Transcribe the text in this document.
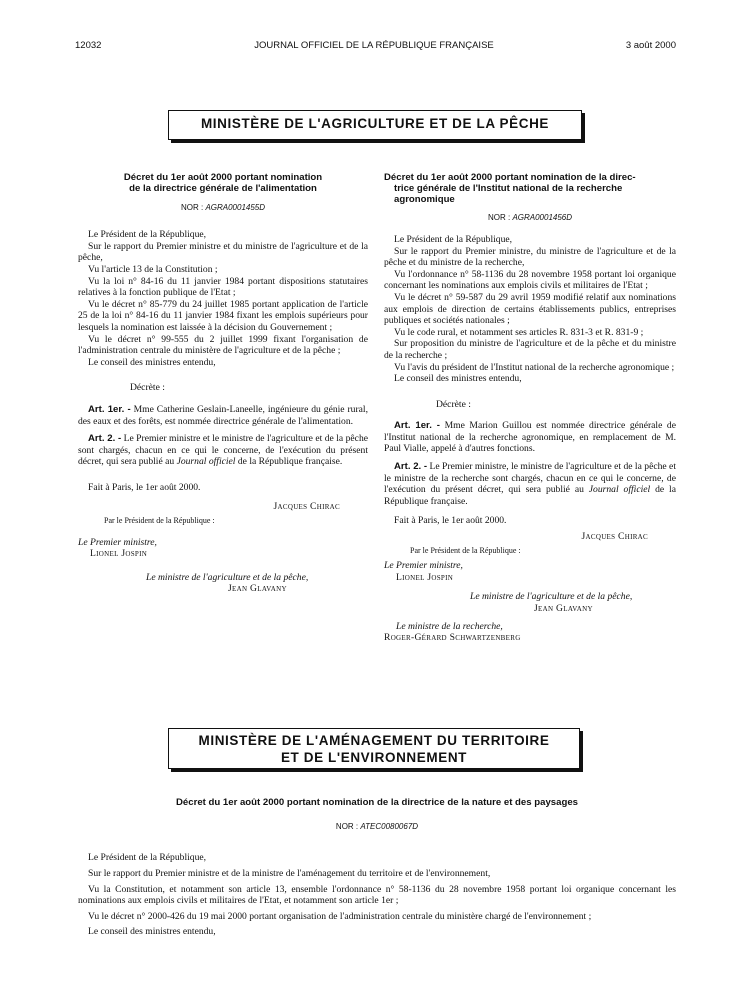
12032	JOURNAL OFFICIEL DE LA RÉPUBLIQUE FRANÇAISE	3 août 2000
MINISTÈRE DE L'AGRICULTURE ET DE LA PÊCHE
Décret du 1er août 2000 portant nomination
de la directrice générale de l'alimentation
NOR : AGRA0001455D

Le Président de la République,

Sur le rapport du Premier ministre et du ministre de l'agriculture et de la pêche,

Vu l'article 13 de la Constitution ;

Vu la loi n° 84-16 du 11 janvier 1984 portant dispositions statutaires relatives à la fonction publique de l'Etat ;

Vu le décret n° 85-779 du 24 juillet 1985 portant application de l'article 25 de la loi n° 84-16 du 11 janvier 1984 fixant les emplois supérieurs pour lesquels la nomination est laissée à la décision du Gouvernement ;

Vu le décret n° 99-555 du 2 juillet 1999 fixant l'organisation de l'administration centrale du ministère de l'agriculture et de la pêche ;

Le conseil des ministres entendu,

Décrète :

Art. 1er. - Mme Catherine Geslain-Laneelle, ingénieure du génie rural, des eaux et des forêts, est nommée directrice générale de l'alimentation.

Art. 2. - Le Premier ministre et le ministre de l'agriculture et de la pêche sont chargés, chacun en ce qui le concerne, de l'exécution du présent décret, qui sera publié au Journal officiel de la République française.

Fait à Paris, le 1er août 2000.

Jacques Chirac
Par le Président de la République :
Le Premier ministre,
Lionel Jospin
Le ministre de l'agriculture et de la pêche,
Jean Glavany
Décret du 1er août 2000 portant nomination de la direc-
trice générale de l'Institut national de la recherche
agronomique
NOR : AGRA0001456D

Le Président de la République,

Sur le rapport du Premier ministre, du ministre de l'agriculture et de la pêche et du ministre de la recherche,

Vu l'ordonnance n° 58-1136 du 28 novembre 1958 portant loi organique concernant les nominations aux emplois civils et militaires de l'Etat ;

Vu le décret n° 59-587 du 29 avril 1959 modifié relatif aux nominations aux emplois de direction de certains établissements publics, entreprises publiques et sociétés nationales ;

Vu le code rural, et notamment ses articles R. 831-3 et R. 831-9 ;

Sur proposition du ministre de l'agriculture et de la pêche et du ministre de la recherche ;

Vu l'avis du président de l'Institut national de la recherche agronomique ;

Le conseil des ministres entendu,

Décrète :

Art. 1er. - Mme Marion Guillou est nommée directrice générale de l'Institut national de la recherche agronomique, en remplacement de M. Paul Vialle, appelé à d'autres fonctions.

Art. 2. - Le Premier ministre, le ministre de l'agriculture et de la pêche et le ministre de la recherche sont chargés, chacun en ce qui le concerne, de l'exécution du présent décret, qui sera publié au Journal officiel de la République française.

Fait à Paris, le 1er août 2000.

Jacques Chirac
Par le Président de la République :
Le Premier ministre,
Lionel Jospin
Le ministre de l'agriculture et de la pêche,
Jean Glavany
Le ministre de la recherche,
Roger-Gérard Schwartzenberg
MINISTÈRE DE L'AMÉNAGEMENT DU TERRITOIRE
ET DE L'ENVIRONNEMENT
Décret du 1er août 2000 portant nomination de la directrice de la nature et des paysages
NOR : ATEC0080067D

Le Président de la République,

Sur le rapport du Premier ministre et de la ministre de l'aménagement du territoire et de l'environnement,

Vu la Constitution, et notamment son article 13, ensemble l'ordonnance n° 58-1136 du 28 novembre 1958 portant loi organique concernant les nominations aux emplois civils et militaires de l'Etat, et notamment son article 1er ;

Vu le décret n° 2000-426 du 19 mai 2000 portant organisation de l'administration centrale du ministère chargé de l'environnement ;

Le conseil des ministres entendu,
